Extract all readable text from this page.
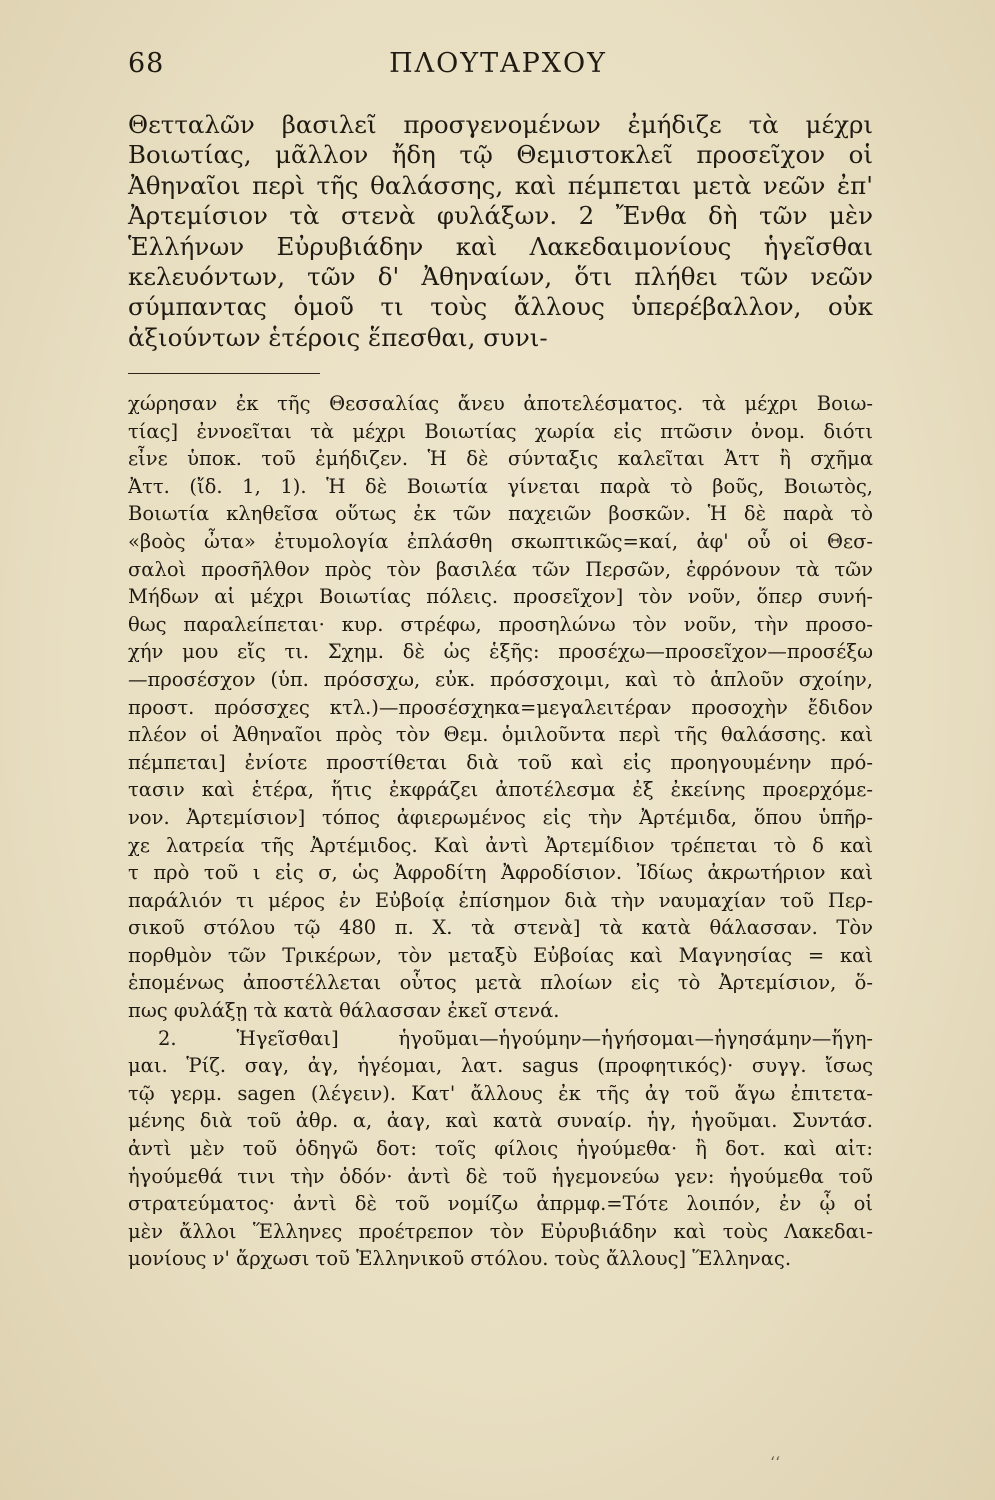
68	ΠΛΟΥΤΑΡΧΟΥ

Θετταλῶν βασιλεῖ προσγενομένων ἐμήδιζε τὰ μέχρι Βοιωτίας, μᾶλλον ἤδη τῷ Θεμιστοκλεῖ προσεῖχον οἱ Ἀθηναῖοι περὶ τῆς θαλάσσης, καὶ πέμπεται μετὰ νεῶν ἐπ' Ἀρτεμίσιον τὰ στενὰ φυλάξων. 2 Ἔνθα δὴ τῶν μὲν Ἑλλήνων Εὐρυβιάδην καὶ Λακεδαιμονίους ἡγεῖσθαι κελευόντων, τῶν δ' Ἀθηναίων, ὅτι πλήθει τῶν νεῶν σύμπαντας ὁμοῦ τι τοὺς ἄλλους ὑπερέβαλλον, οὐκ ἀξιούντων ἑτέροις ἕπεσθαι, συνι-

χώρησαν ἐκ τῆς Θεσσαλίας ἄνευ ἀποτελέσματος. τὰ μέχρι Βοιω-
τίας] ἐννοεῖται τὰ μέχρι Βοιωτίας χωρία εἰς πτῶσιν ὀνομ. διότι
εἶνε ὑποκ. τοῦ ἐμήδιζεν. Ἡ δὲ σύνταξις καλεῖται Ἀττ ἢ σχῆμα
Ἀττ. (ἴδ. 1, 1). Ἡ δὲ Βοιωτία γίνεται παρὰ τὸ βοῦς, Βοιωτὸς,
Βοιωτία κληθεῖσα οὕτως ἐκ τῶν παχειῶν βοσκῶν. Ἡ δὲ παρὰ τὸ
«βοὸς ὦτα» ἐτυμολογία ἐπλάσθη σκωπτικῶς=καί, ἀφ' οὗ οἱ Θεσ-
σαλοὶ προσῆλθον πρὸς τὸν βασιλέα τῶν Περσῶν, ἐφρόνουν τὰ τῶν
Μήδων αἱ μέχρι Βοιωτίας πόλεις. προσεῖχον] τὸν νοῦν, ὅπερ συνή-
θως παραλείπεται· κυρ. στρέφω, προσηλώνω τὸν νοῦν, τὴν προσο-
χήν μου εἴς τι. Σχημ. δὲ ὡς ἑξῆς: προσέχω—προσεῖχον—προσέξω
—προσέσχον (ὑπ. πρόσσχω, εὐκ. πρόσσχοιμι, καὶ τὸ ἁπλοῦν σχοίην,
προστ. πρόσσχες κτλ.)—προσέσχηκα=μεγαλειτέραν προσοχὴν ἔδιδον
πλέον οἱ Ἀθηναῖοι πρὸς τὸν Θεμ. ὁμιλοῦντα περὶ τῆς θαλάσσης. καὶ
πέμπεται] ἐνίοτε προστίθεται διὰ τοῦ καὶ εἰς προηγουμένην πρό-
τασιν καὶ ἑτέρα, ἥτις ἐκφράζει ἀποτέλεσμα ἐξ ἐκείνης προερχόμε-
νον. Ἀρτεμίσιον] τόπος ἀφιερωμένος εἰς τὴν Ἀρτέμιδα, ὅπου ὑπῆρ-
χε λατρεία τῆς Ἀρτέμιδος. Καὶ ἀντὶ Ἀρτεμίδιον τρέπεται τὸ δ καὶ
τ πρὸ τοῦ ι εἰς σ, ὡς Ἀφροδίτη Ἀφροδίσιον. Ἰδίως ἀκρωτήριον καὶ
παράλιόν τι μέρος ἐν Εὐβοίᾳ ἐπίσημον διὰ τὴν ναυμαχίαν τοῦ Περ-
σικοῦ στόλου τῷ 480 π. Χ. τὰ στενὰ] τὰ κατὰ θάλασσαν. Τὸν
πορθμὸν τῶν Τρικέρων, τὸν μεταξὺ Εὐβοίας καὶ Μαγνησίας = καὶ
ἑπομένως ἀποστέλλεται οὗτος μετὰ πλοίων εἰς τὸ Ἀρτεμίσιον, ὅ-
πως φυλάξῃ τὰ κατὰ θάλασσαν ἐκεῖ στενά.
2. Ἡγεῖσθαι] ἡγοῦμαι—ἡγούμην—ἡγήσομαι—ἡγησάμην—ἥγη-
μαι. Ῥίζ. σαγ, ἀγ, ἡγέομαι, λατ. sagus (προφητικός)· συγγ. ἴσως
τῷ γερμ. sagen (λέγειν). Κατ' ἄλλους ἐκ τῆς ἀγ τοῦ ἄγω ἐπιτετα-
μένης διὰ τοῦ ἀθρ. α, ἀαγ, καὶ κατὰ συναίρ. ἡγ, ἡγοῦμαι. Συντάσ.
ἀντὶ μὲν τοῦ ὁδηγῶ δοτ: τοῖς φίλοις ἡγούμεθα· ἢ δοτ. καὶ αἰτ:
ἡγούμεθά τινι τὴν ὁδόν· ἀντὶ δὲ τοῦ ἡγεμονεύω γεν: ἡγούμεθα τοῦ
στρατεύματος· ἀντὶ δὲ τοῦ νομίζω ἀπρμφ.=Τότε λοιπόν, ἐν ᾧ οἱ
μὲν ἄλλοι Ἕλληνες προέτρεπον τὸν Εὐρυβιάδην καὶ τοὺς Λακεδαι-
μονίους ν' ἄρχωσι τοῦ Ἑλληνικοῦ στόλου. τοὺς ἄλλους] Ἕλληνας.
ʻʻ
